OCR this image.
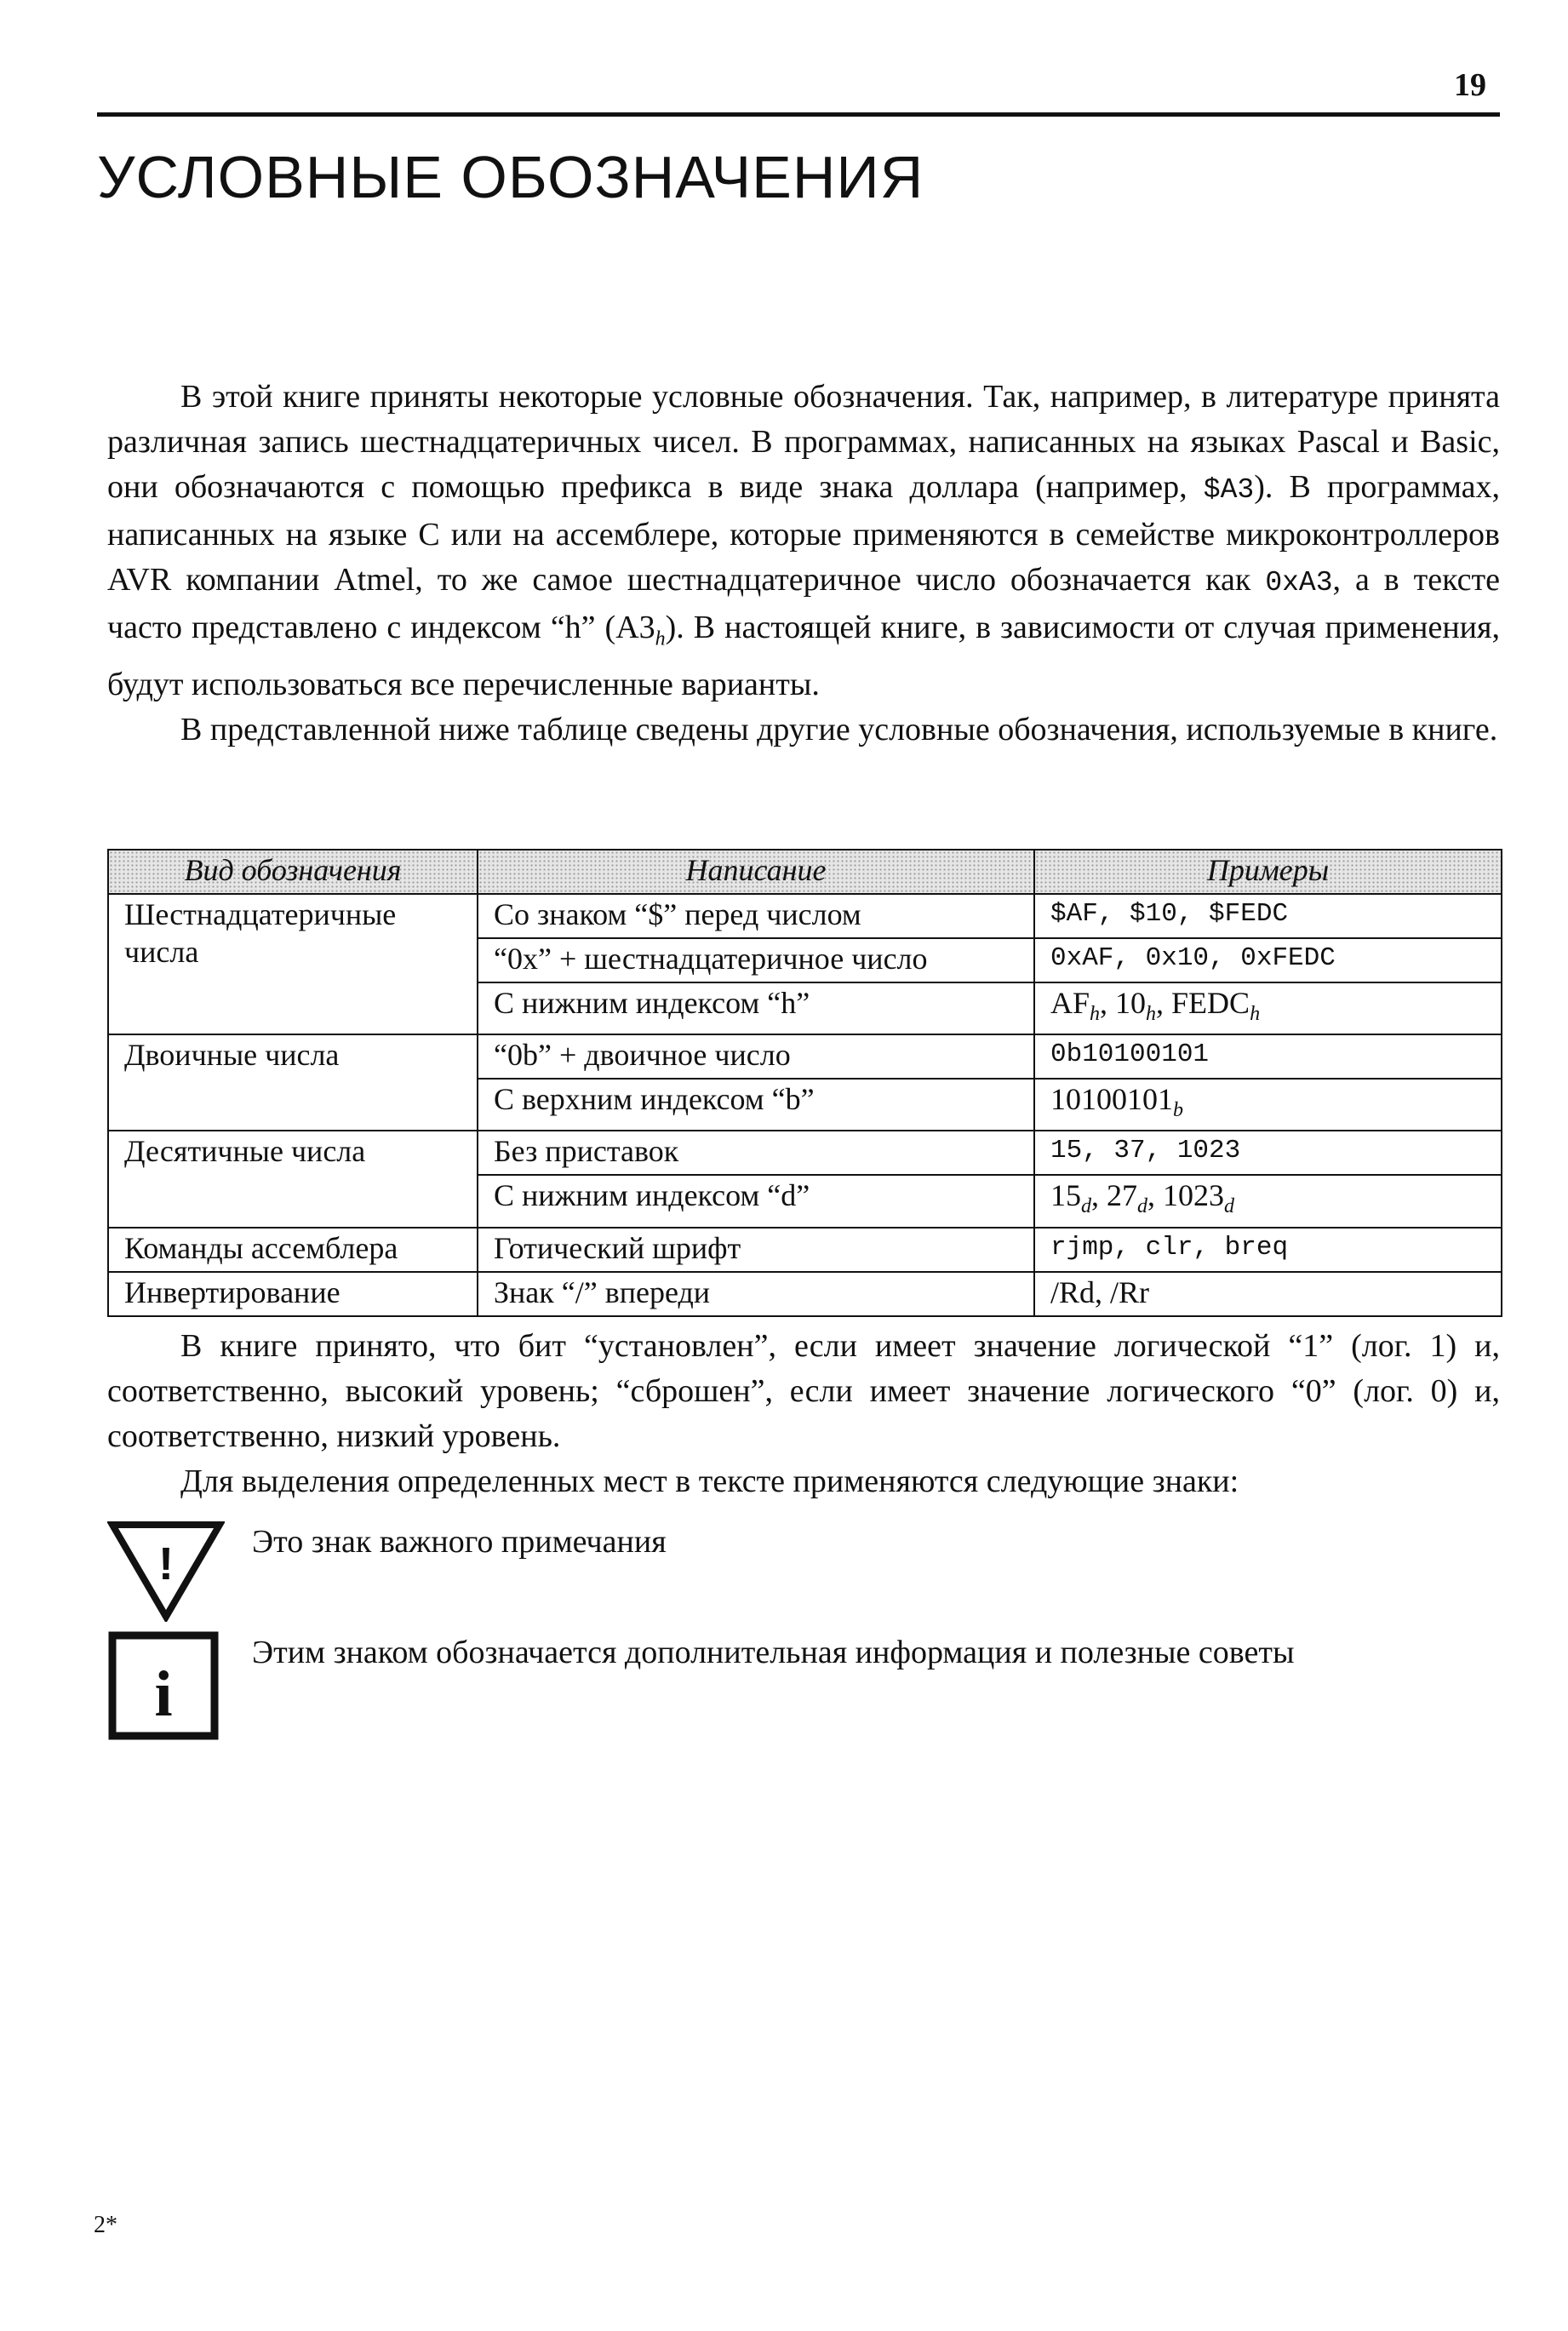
19
УСЛОВНЫЕ ОБОЗНАЧЕНИЯ

В этой книге приняты некоторые условные обозначения. Так, например, в литературе принята различная запись шестнадцатеричных чисел. В программах, написанных на языках Pascal и Basic, они обозначаются с помощью префикса в виде знака доллара (например, $A3). В программах, написанных на языке C или на ассемблере, которые применяются в семействе микроконтроллеров AVR компании Atmel, то же самое шестнадцатеричное число обозначается как 0xA3, а в тексте часто представлено с индексом “h” $(A3_h)$. В настоящей книге, в зависимости от случая применения, будут использоваться все перечисленные варианты.

В представленной ниже таблице сведены другие условные обозначения, используемые в книге.

Вид обозначения	Написание	Примеры
Шестнадцатеричные числа	Со знаком “$” перед числом	$AF, $10, $FEDC
	“0x” + шестнадцатеричное число	0xAF, 0x10, 0xFEDC
	С нижним индексом “h”	$AF_h$, $10_h$, $FEDC_h$
Двоичные числа	“0b” + двоичное число	0b10100101
	С верхним индексом “b”	$10100101_b$
Десятичные числа	Без приставок	15, 37, 1023
	С нижним индексом “d”	$15_d$, $27_d$, $1023_d$
Команды ассемблера	Готический шрифт	rjmp, clr, breq
Инвертирование	Знак “/” впереди	/Rd, /Rr

В книге принято, что бит “установлен”, если имеет значение логической “1” (лог. 1) и, соответственно, высокий уровень; “сброшен”, если имеет значение логического “0” (лог. 0) и, соответственно, низкий уровень.

Для выделения определенных мест в тексте применяются следующие знаки:

!	Это знак важного примечания
i
Этим знаком обозначается дополнительная информация и полезные советы
2*
